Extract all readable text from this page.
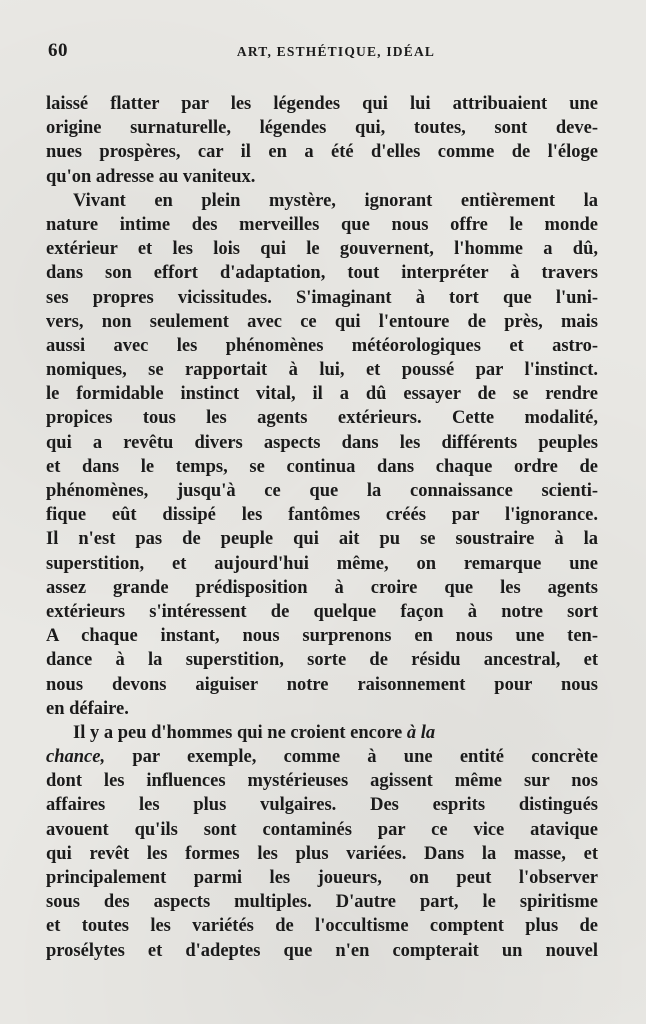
60	ART, ESTHÉTIQUE, IDÉAL
laissé flatter par les légendes qui lui attribuaient une
origine surnaturelle, légendes qui, toutes, sont deve-
nues prospères, car il en a été d'elles comme de l'éloge
qu'on adresse au vaniteux.
Vivant en plein mystère, ignorant entièrement la
nature intime des merveilles que nous offre le monde
extérieur et les lois qui le gouvernent, l'homme a dû,
dans son effort d'adaptation, tout interpréter à travers
ses propres vicissitudes. S'imaginant à tort que l'uni-
vers, non seulement avec ce qui l'entoure de près, mais
aussi avec les phénomènes météorologiques et astro-
nomiques, se rapportait à lui, et poussé par l'instinct.
le formidable instinct vital, il a dû essayer de se rendre
propices tous les agents extérieurs. Cette modalité,
qui a revêtu divers aspects dans les différents peuples
et dans le temps, se continua dans chaque ordre de
phénomènes, jusqu'à ce que la connaissance scienti-
fique eût dissipé les fantômes créés par l'ignorance.
Il n'est pas de peuple qui ait pu se soustraire à la
superstition, et aujourd'hui même, on remarque une
assez grande prédisposition à croire que les agents
extérieurs s'intéressent de quelque façon à notre sort
A chaque instant, nous surprenons en nous une ten-
dance à la superstition, sorte de résidu ancestral, et
nous devons aiguiser notre raisonnement pour nous
en défaire.
Il y a peu d'hommes qui ne croient encore à la
chance, par exemple, comme à une entité concrète
dont les influences mystérieuses agissent même sur nos
affaires les plus vulgaires. Des esprits distingués
avouent qu'ils sont contaminés par ce vice atavique
qui revêt les formes les plus variées. Dans la masse, et
principalement parmi les joueurs, on peut l'observer
sous des aspects multiples. D'autre part, le spiritisme
et toutes les variétés de l'occultisme comptent plus de
prosélytes et d'adeptes que n'en compterait un nouvel
